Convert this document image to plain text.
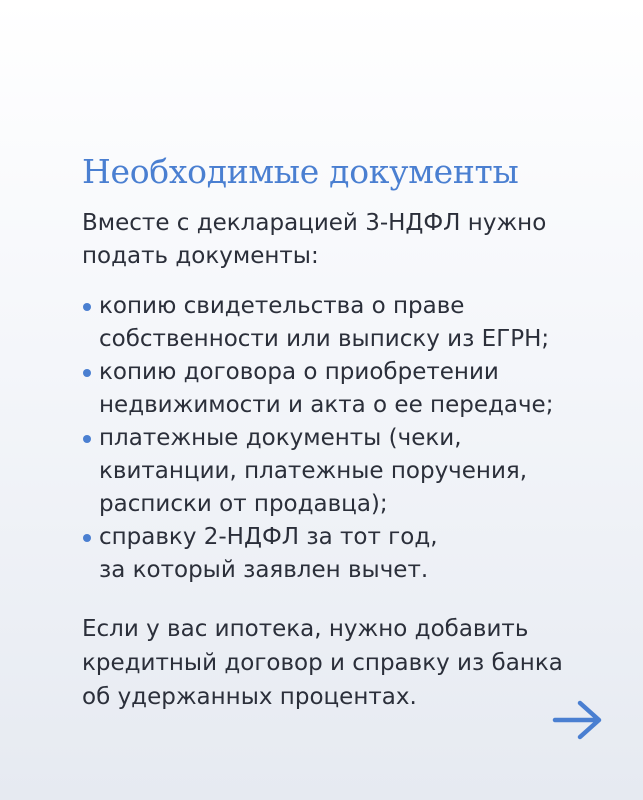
Необходимые документы
Вместе с декларацией 3-НДФЛ нужно
подать документы:
копию свидетельства о праве
собственности или выписку из ЕГРН;
копию договора о приобретении
недвижимости и акта о ее передаче;
платежные документы (чеки,
квитанции, платежные поручения,
расписки от продавца);
справку 2-НДФЛ за тот год,
за который заявлен вычет.
Если у вас ипотека, нужно добавить
кредитный договор и справку из банка
об удержанных процентах.
